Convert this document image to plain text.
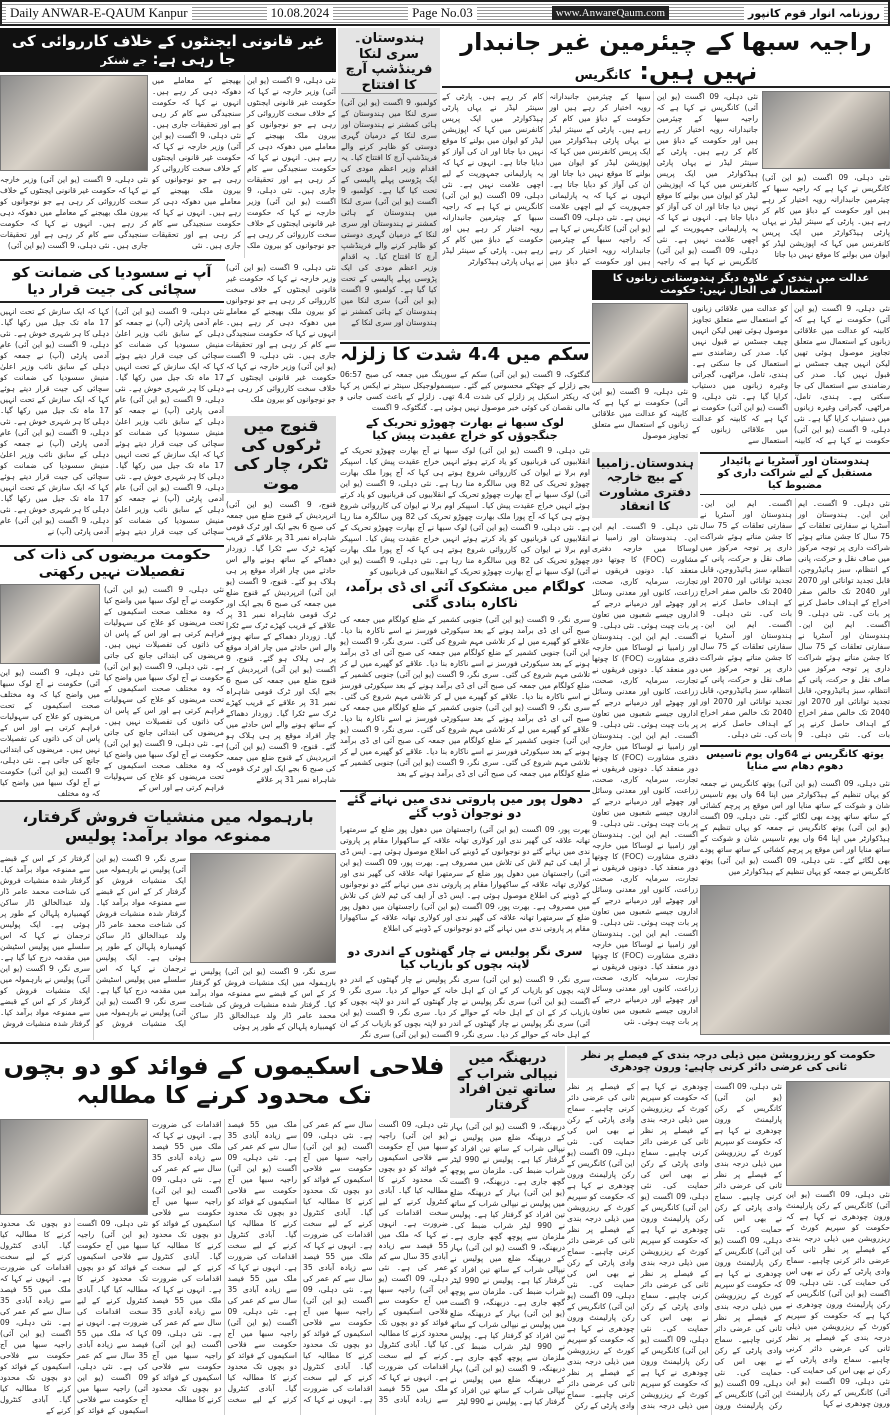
Daily ANWAR-E-QAUM Kanpur	10.08.2024	Page No.03	www.AnwareQaum.com	روزنامہ انوار قوم کانپور
راجیہ سبھا کے چیئرمین غیر جانبدار نہیں ہیں: کانگریس
نئی دہلی، 09 اگست (یو این آئی) کانگریس نے کہا ہے کہ راجیہ سبھا کے چیئرمین جانبدارانہ رویہ اختیار کر رہے ہیں اور حکومت کے دباؤ میں کام کر رہے ہیں۔ پارٹی کے سینئر لیڈر نے یہاں پارٹی ہیڈکوارٹر میں ایک پریس کانفرنس میں کہا کہ اپوزیشن لیڈر کو ایوان میں بولنے کا موقع نہیں دیا جاتا
نئی دہلی، 09 اگست (یو این آئی) کانگریس نے کہا ہے کہ راجیہ سبھا کے چیئرمین جانبدارانہ رویہ اختیار کر رہے ہیں اور حکومت کے دباؤ میں کام کر رہے ہیں۔ پارٹی کے سینئر لیڈر نے یہاں پارٹی ہیڈکوارٹر میں ایک پریس کانفرنس میں کہا کہ اپوزیشن لیڈر کو ایوان میں بولنے کا موقع نہیں دیا جاتا اور ان کی آواز کو دبایا جاتا ہے۔ انہوں نے کہا کہ یہ پارلیمانی جمہوریت کے لیے اچھی علامت نہیں ہے۔ نئی دہلی، 09 اگست (یو این آئی) کانگریس نے کہا ہے کہ راجیہ سبھا کے چیئرمین جانبدارانہ رویہ اختیار کر رہے ہیں اور حکومت کے دباؤ میں کام کر رہے ہیں۔ پارٹی کے سینئر لیڈر نے یہاں پارٹی ہیڈکوارٹر میں ایک پریس کانفرنس میں کہا کہ اپوزیشن لیڈر کو ایوان میں بولنے کا موقع نہیں دیا جاتا اور ان کی آواز کو دبایا جاتا ہے۔ انہوں نے کہا کہ یہ پارلیمانی جمہوریت کے لیے اچھی علامت نہیں ہے۔ نئی دہلی، 09 اگست (یو این آئی) کانگریس نے کہا ہے کہ راجیہ سبھا کے چیئرمین جانبدارانہ رویہ اختیار کر رہے ہیں اور حکومت کے دباؤ میں کام کر رہے ہیں۔ پارٹی کے سینئر لیڈر نے یہاں پارٹی ہیڈکوارٹر میں ایک پریس کانفرنس میں کہا کہ اپوزیشن لیڈر کو ایوان میں بولنے کا موقع نہیں دیا جاتا اور ان کی آواز کو دبایا جاتا ہے۔ انہوں نے کہا کہ یہ پارلیمانی جمہوریت کے لیے اچھی علامت نہیں ہے۔ نئی دہلی، 09 اگست (یو این آئی) کانگریس نے کہا ہے کہ راجیہ سبھا کے چیئرمین جانبدارانہ رویہ اختیار کر رہے ہیں اور حکومت کے دباؤ میں کام کر رہے ہیں۔ پارٹی کے سینئر لیڈر نے یہاں پارٹی ہیڈکوارٹر
ہندوستان۔سری لنکا فرینڈشپ آرچ کا افتتاح
کولمبو، 9 اگست (یو این آئی) سری لنکا میں ہندوستان کے ہائی کمشنر نے ہندوستان اور سری لنکا کے درمیان گہری دوستی کو ظاہر کرنے والے فرینڈشپ آرچ کا افتتاح کیا۔ یہ اقدام وزیر اعظم مودی کی ایک پڑوسی پہلے پالیسی کے تحت کیا گیا ہے۔ کولمبو، 9 اگست (یو این آئی) سری لنکا میں ہندوستان کے ہائی کمشنر نے ہندوستان اور سری لنکا کے درمیان گہری دوستی کو ظاہر کرنے والے فرینڈشپ آرچ کا افتتاح کیا۔ یہ اقدام وزیر اعظم مودی کی ایک پڑوسی پہلے پالیسی کے تحت کیا گیا ہے۔ کولمبو، 9 اگست (یو این آئی) سری لنکا میں ہندوستان کے ہائی کمشنر نے ہندوستان اور سری لنکا کے
غیر قانونی ایجنٹوں کے خلاف کارروائی کی جا رہی ہے: جے شنکر
نئی دہلی، 9 اگست (یو این آئی) وزیر خارجہ نے کہا کہ حکومت غیر قانونی ایجنٹوں کے خلاف سخت کارروائی کر رہی ہے جو نوجوانوں کو بیرون ملک بھیجنے کے معاملے میں دھوکہ دہی کر رہے ہیں۔ انہوں نے کہا کہ حکومت سنجیدگی سے کام کر رہی ہے اور تحقیقات جاری ہیں۔ نئی دہلی، 9 اگست (یو این آئی) وزیر خارجہ نے کہا کہ حکومت غیر قانونی ایجنٹوں کے خلاف سخت کارروائی کر رہی ہے جو نوجوانوں کو بیرون ملک بھیجنے کے معاملے میں دھوکہ دہی کر رہے ہیں۔ انہوں نے کہا کہ حکومت سنجیدگی سے کام کر رہی ہے اور تحقیقات جاری ہیں۔ نئی دہلی، 9 اگست (یو این آئی) وزیر خارجہ نے کہا کہ حکومت غیر قانونی ایجنٹوں کے خلاف سخت کارروائی کر رہی ہے جو نوجوانوں کو بیرون ملک بھیجنے کے معاملے میں دھوکہ دہی کر رہے ہیں۔ انہوں نے کہا کہ حکومت سنجیدگی سے کام کر رہی ہے اور تحقیقات جاری ہیں۔ نئی
نئی دہلی، 9 اگست (یو این آئی) وزیر خارجہ نے کہا کہ حکومت غیر قانونی ایجنٹوں کے خلاف سخت کارروائی کر رہی ہے جو نوجوانوں کو بیرون ملک بھیجنے کے معاملے میں دھوکہ دہی کر رہے ہیں۔ انہوں نے کہا کہ حکومت سنجیدگی سے کام کر رہی ہے اور تحقیقات جاری ہیں۔ نئی دہلی، 9 اگست (یو این آئی)
آپ نے سسودیا کی ضمانت کو سچائی کی جیت قرار دیا
نئی دہلی، 9 اگست (یو این آئی) عام آدمی پارٹی (آپ) نے جمعہ کو دہلی کے سابق نائب وزیر اعلیٰ منیش سسودیا کی ضمانت کو سچائی کی جیت قرار دیتے ہوئے کہا کہ ایک سازش کے تحت انہیں 17 ماہ تک جیل میں رکھا گیا۔ دہلی کا ہر شہری خوش ہے۔ نئی دہلی، 9 اگست (یو این آئی) عام آدمی پارٹی (آپ) نے جمعہ کو دہلی کے سابق نائب وزیر اعلیٰ منیش سسودیا کی ضمانت کو سچائی کی جیت قرار دیتے ہوئے کہا کہ ایک سازش کے تحت انہیں 17 ماہ تک جیل میں رکھا گیا۔ دہلی کا ہر شہری خوش ہے۔ نئی دہلی، 9 اگست (یو این آئی) عام آدمی پارٹی (آپ) نے جمعہ کو دہلی کے سابق نائب وزیر اعلیٰ منیش سسودیا کی ضمانت کو سچائی کی جیت قرار دیتے ہوئے کہا کہ ایک سازش کے تحت انہیں 17 ماہ تک جیل میں رکھا گیا۔ دہلی کا ہر شہری خوش ہے۔ نئی دہلی، 9 اگست (یو این آئی) عام آدمی پارٹی (آپ) نے جمعہ کو دہلی کے سابق نائب وزیر اعلیٰ منیش سسودیا کی ضمانت کو سچائی کی جیت قرار دیتے ہوئے کہا کہ ایک سازش کے تحت انہیں 17 ماہ تک جیل میں رکھا گیا۔ دہلی کا ہر شہری خوش ہے۔ نئی دہلی، 9 اگست (یو این آئی) عام آدمی پارٹی (آپ) نے جمعہ کو دہلی کے سابق نائب وزیر اعلیٰ منیش سسودیا کی ضمانت کو سچائی کی جیت قرار دیتے ہوئے کہا کہ ایک سازش کے تحت انہیں 17 ماہ تک جیل میں رکھا گیا۔ دہلی کا ہر شہری خوش ہے۔ نئی دہلی، 9 اگست (یو این آئی) عام آدمی پارٹی (آپ) نے
نئی دہلی، 9 اگست (یو این آئی) وزیر خارجہ نے کہا کہ حکومت غیر قانونی ایجنٹوں کے خلاف سخت کارروائی کر رہی ہے جو نوجوانوں کو بیرون ملک بھیجنے کے معاملے میں دھوکہ دہی کر رہے ہیں۔ انہوں نے کہا کہ حکومت سنجیدگی سے کام کر رہی ہے اور تحقیقات جاری ہیں۔ نئی دہلی، 9 اگست (یو این آئی) وزیر خارجہ نے کہا کہ حکومت غیر قانونی ایجنٹوں کے خلاف سخت کارروائی کر رہی ہے جو نوجوانوں کو بیرون ملک
قنوج میں ٹرکوں کی ٹکر، چار کی موت
قنوج، 9 اگست (یو این آئی) اترپردیش کے قنوج ضلع میں جمعہ کی صبح 6 بجے ایک اور ٹرک قومی شاہراہ نمبر 31 پر علاقے کے قریب کھڑے ٹرک سے ٹکرا گیا۔ زوردار دھماکے کے ساتھ ہونے والے اس حادثے میں چار افراد موقع پر ہی ہلاک ہو گئے۔ قنوج، 9 اگست (یو این آئی) اترپردیش کے قنوج ضلع میں جمعہ کی صبح 6 بجے ایک اور ٹرک قومی شاہراہ نمبر 31 پر علاقے کے قریب کھڑے ٹرک سے ٹکرا گیا۔ زوردار دھماکے کے ساتھ ہونے والے اس حادثے میں چار افراد موقع پر ہی ہلاک ہو گئے۔ قنوج، 9 اگست (یو این آئی) اترپردیش کے قنوج ضلع میں جمعہ کی صبح 6 بجے ایک اور ٹرک قومی شاہراہ نمبر 31 پر علاقے کے قریب کھڑے ٹرک سے ٹکرا گیا۔ زوردار دھماکے کے ساتھ ہونے والے اس حادثے میں چار افراد موقع پر ہی ہلاک ہو گئے۔ قنوج، 9 اگست (یو این آئی) اترپردیش کے قنوج ضلع میں جمعہ کی صبح 6 بجے ایک اور ٹرک قومی شاہراہ نمبر 31 پر علاقے
عدالت میں ہندی کے علاوہ دیگر ہندوستانی زبانوں کا استعمال فی الحال نہیں: حکومت
نئی دہلی، 9 اگست (یو این آئی) حکومت نے کہا ہے کہ کابینہ کو عدالت میں علاقائی زبانوں کے استعمال سے متعلق تجاویز موصول ہوئی تھیں لیکن انہیں چیف جسٹس نے قبول نہیں کیا۔ صدر کی رضامندی سے استعمال کی جا سکتی ہے۔ ہندی، تامل، مراٹھی، گجراتی وغیرہ زبانوں میں دستیاب کرایا گیا ہے۔ نئی دہلی، 9 اگست (یو این آئی) حکومت نے کہا ہے کہ کابینہ کو عدالت میں علاقائی زبانوں کے استعمال سے متعلق تجاویز موصول ہوئی تھیں لیکن انہیں چیف جسٹس نے قبول نہیں کیا۔ صدر کی رضامندی سے استعمال کی جا سکتی ہے۔ ہندی، تامل، مراٹھی، گجراتی وغیرہ زبانوں میں دستیاب کرایا گیا ہے۔ نئی دہلی، 9 اگست (یو این آئی) حکومت نے کہا ہے کہ کابینہ کو عدالت میں علاقائی زبانوں کے استعمال سے
نئی دہلی، 9 اگست (یو این آئی) حکومت نے کہا ہے کہ کابینہ کو عدالت میں علاقائی زبانوں کے استعمال سے متعلق تجاویز موصول
سکم میں 4.4 شدت کا زلزلہ
گنگٹوک، 9 اگست (یو این آئی) سکم کے سورینگ میں جمعہ کی صبح 06:57 بجے زلزلے کے جھٹکے محسوس کیے گئے۔ سیسمولوجیکل سینٹر نے ایکس پر کہا کہ ریکٹر اسکیل پر زلزلے کی شدت 4.4 تھی۔ زلزلے کے باعث کسی جانی و مالی نقصان کی کوئی خبر موصول نہیں ہوئی ہے۔ گنگٹوک، 9 اگست
لوک سبھا نے بھارت چھوڑو تحریک کے جنگجوؤں کو خراج عقیدت پیش کیا
نئی دہلی، 9 اگست (یو این آئی) لوک سبھا نے آج بھارت چھوڑو تحریک کے انقلابیوں کی قربانیوں کو یاد کرتے ہوئے انہیں خراج عقیدت پیش کیا۔ اسپیکر اوم برلا نے ایوان کی کارروائی شروع ہوتے ہی کہا کہ آج پورا ملک بھارت چھوڑو تحریک کی 82 ویں سالگرہ منا رہا ہے۔ نئی دہلی، 9 اگست (یو این آئی) لوک سبھا نے آج بھارت چھوڑو تحریک کے انقلابیوں کی قربانیوں کو یاد کرتے ہوئے انہیں خراج عقیدت پیش کیا۔ اسپیکر اوم برلا نے ایوان کی کارروائی شروع ہوتے ہی کہا کہ آج پورا ملک بھارت چھوڑو تحریک کی 82 ویں سالگرہ منا رہا ہے۔ نئی دہلی، 9 اگست (یو این آئی) لوک سبھا نے آج بھارت چھوڑو تحریک کے انقلابیوں کی قربانیوں کو یاد کرتے ہوئے انہیں خراج عقیدت پیش کیا۔ اسپیکر اوم برلا نے ایوان کی کارروائی شروع ہوتے ہی کہا کہ آج پورا ملک بھارت چھوڑو تحریک کی 82 ویں سالگرہ منا رہا ہے۔ نئی دہلی، 9 اگست (یو این آئی) لوک سبھا نے آج بھارت چھوڑو تحریک کے انقلابیوں کی قربانیوں کو
کولگام میں مشکوک آئی ای ڈی برآمد، ناکارہ بنادی گئی
سری نگر، 9 اگست (یو این آئی) جنوبی کشمیر کے ضلع کولگام میں جمعہ کی صبح آئی ای ڈی برآمد ہونے کے بعد سیکورٹی فورسز نے اسے ناکارہ بنا دیا۔ علاقے کو گھیرے میں لے کر تلاشی مہم شروع کی گئی۔ سری نگر، 9 اگست (یو این آئی) جنوبی کشمیر کے ضلع کولگام میں جمعہ کی صبح آئی ای ڈی برآمد ہونے کے بعد سیکورٹی فورسز نے اسے ناکارہ بنا دیا۔ علاقے کو گھیرے میں لے کر تلاشی مہم شروع کی گئی۔ سری نگر، 9 اگست (یو این آئی) جنوبی کشمیر کے ضلع کولگام میں جمعہ کی صبح آئی ای ڈی برآمد ہونے کے بعد سیکورٹی فورسز نے اسے ناکارہ بنا دیا۔ علاقے کو گھیرے میں لے کر تلاشی مہم شروع کی گئی۔ سری نگر، 9 اگست (یو این آئی) جنوبی کشمیر کے ضلع کولگام میں جمعہ کی صبح آئی ای ڈی برآمد ہونے کے بعد سیکورٹی فورسز نے اسے ناکارہ بنا دیا۔ علاقے کو گھیرے میں لے کر تلاشی مہم شروع کی گئی۔ سری نگر، 9 اگست (یو این آئی) جنوبی کشمیر کے ضلع کولگام میں جمعہ کی صبح آئی ای ڈی برآمد ہونے کے بعد سیکورٹی فورسز نے اسے ناکارہ بنا دیا۔ علاقے کو گھیرے میں لے کر تلاشی مہم شروع کی گئی۔ سری نگر، 9 اگست (یو این آئی) جنوبی کشمیر کے ضلع کولگام میں جمعہ کی صبح آئی ای ڈی برآمد ہونے کے بعد
ہندوستان۔زامبیا کے بیچ خارجہ دفتری مشاورت کا انعقاد
نئی دہلی۔ 9 اگست۔ ایم این این۔ ہندوستان اور زامبیا نے لوساکا میں خارجہ دفتری مشاورت (FOC) کا چوتھا دور منعقد کیا۔ دونوں فریقوں نے تجارت، سرمایہ کاری، صحت، زراعت، کانوں اور معدنی وسائل اور چھوٹے اور درمیانے درجے کے اداروں جیسے شعبوں میں تعاون پر بات چیت ہوئی۔ نئی دہلی۔ 9 اگست۔ ایم این این۔ ہندوستان اور زامبیا نے لوساکا میں خارجہ دفتری مشاورت (FOC) کا چوتھا دور منعقد کیا۔ دونوں فریقوں نے تجارت، سرمایہ کاری، صحت، زراعت، کانوں اور معدنی وسائل اور چھوٹے اور درمیانے درجے کے اداروں جیسے شعبوں میں تعاون پر بات چیت ہوئی۔ نئی دہلی۔ 9 اگست۔ ایم این این۔ ہندوستان اور زامبیا نے لوساکا میں خارجہ دفتری مشاورت (FOC) کا چوتھا دور منعقد کیا۔ دونوں فریقوں نے تجارت، سرمایہ کاری، صحت، زراعت، کانوں اور معدنی وسائل اور چھوٹے اور درمیانے درجے کے اداروں جیسے شعبوں میں تعاون پر بات چیت ہوئی۔ نئی دہلی۔ 9 اگست۔ ایم این این۔ ہندوستان اور زامبیا نے لوساکا میں خارجہ دفتری مشاورت (FOC) کا چوتھا دور منعقد کیا۔ دونوں فریقوں نے تجارت، سرمایہ کاری، صحت، زراعت، کانوں اور معدنی وسائل اور چھوٹے اور درمیانے درجے کے اداروں جیسے شعبوں میں تعاون پر بات چیت ہوئی۔ نئی دہلی۔ 9 اگست۔ ایم این این۔ ہندوستان اور زامبیا نے لوساکا میں خارجہ دفتری مشاورت (FOC) کا چوتھا دور منعقد کیا۔ دونوں فریقوں نے تجارت، سرمایہ کاری، صحت، زراعت، کانوں اور معدنی وسائل اور چھوٹے اور درمیانے درجے کے اداروں جیسے شعبوں میں تعاون پر بات چیت ہوئی۔ نئی
ہندوستان اور آسٹریا نے پائیدار مستقبل کے لیے شراکت داری کو مضبوط کیا
نئی دہلی۔ 9 اگست۔ ایم این این۔ ہندوستان اور آسٹریا نے سفارتی تعلقات کے 75 سال کا جشن مناتے ہوئے شراکت داری پر توجہ مرکوز میں صاف نقل و حرکت، پانی کے انتظام، سبز ہائیڈروجن، قابل تجدید توانائی اور 2070 اور 2040 تک خالص صفر اخراج کے اہداف حاصل کرنے پر بات کی۔ نئی دہلی۔ 9 اگست۔ ایم این این۔ ہندوستان اور آسٹریا نے سفارتی تعلقات کے 75 سال کا جشن مناتے ہوئے شراکت داری پر توجہ مرکوز میں صاف نقل و حرکت، پانی کے انتظام، سبز ہائیڈروجن، قابل تجدید توانائی اور 2070 اور 2040 تک خالص صفر اخراج کے اہداف حاصل کرنے پر بات کی۔ نئی دہلی۔ 9 اگست۔ ایم این این۔ ہندوستان اور آسٹریا نے سفارتی تعلقات کے 75 سال کا جشن مناتے ہوئے شراکت داری پر توجہ مرکوز میں صاف نقل و حرکت، پانی کے انتظام، سبز ہائیڈروجن، قابل تجدید توانائی اور 2070 اور 2040 تک خالص صفر اخراج کے اہداف حاصل کرنے پر بات کی۔ نئی دہلی۔ 9 اگست۔ ایم این این۔ ہندوستان اور آسٹریا نے سفارتی تعلقات کے 75 سال کا جشن مناتے ہوئے شراکت داری پر توجہ مرکوز میں صاف نقل و حرکت، پانی کے انتظام، سبز ہائیڈروجن، قابل تجدید توانائی اور 2070 اور 2040 تک خالص صفر اخراج کے اہداف حاصل کرنے پر بات کی۔ نئی دہلی۔
یوتھ کانگریس نے 64واں یوم تاسیس دھوم دھام سے منایا
نئی دہلی، 09 اگست (یو این آئی) یوتھ کانگریس نے جمعہ کو یہاں تنظیم کے ہیڈکوارٹر میں اپنا 64 واں یوم تاسیس شان و شوکت کے ساتھ منایا اور اس موقع پر پرچم کشائی کے ساتھ ساتھ پودے بھی لگائے گئے۔ نئی دہلی، 09 اگست (یو این آئی) یوتھ کانگریس نے جمعہ کو یہاں تنظیم کے ہیڈکوارٹر میں اپنا 64 واں یوم تاسیس شان و شوکت کے ساتھ منایا اور اس موقع پر پرچم کشائی کے ساتھ ساتھ پودے بھی لگائے گئے۔ نئی دہلی، 09 اگست (یو این آئی) یوتھ کانگریس نے جمعہ کو یہاں تنظیم کے ہیڈکوارٹر میں
حکومت مریضوں کی ذات کی تفصیلات نہیں رکھتی
نئی دہلی، 9 اگست (یو این آئی) حکومت نے آج لوک سبھا میں واضح کیا کہ وہ مختلف صحت اسکیموں کے تحت مریضوں کو علاج کی سہولیات فراہم کرتی ہے اور اس کے پاس ان کی ذاتوں کی تفصیلات نہیں ہیں۔ مریضوں کی ابتدائی جانچ کی جاتی ہے۔ نئی دہلی، 9 اگست (یو این آئی) حکومت نے آج لوک سبھا میں واضح کیا کہ وہ مختلف صحت اسکیموں کے تحت مریضوں کو علاج کی سہولیات فراہم کرتی ہے اور اس کے پاس ان کی ذاتوں کی تفصیلات نہیں ہیں۔ مریضوں کی ابتدائی جانچ کی جاتی ہے۔ نئی دہلی، 9 اگست (یو این آئی) حکومت نے آج لوک سبھا میں واضح کیا کہ وہ مختلف صحت اسکیموں کے تحت مریضوں کو علاج کی سہولیات فراہم کرتی ہے اور اس کے
نئی دہلی، 9 اگست (یو این آئی) حکومت نے آج لوک سبھا میں واضح کیا کہ وہ مختلف صحت اسکیموں کے تحت مریضوں کو علاج کی سہولیات فراہم کرتی ہے اور اس کے پاس ان کی ذاتوں کی تفصیلات نہیں ہیں۔ مریضوں کی ابتدائی جانچ کی جاتی ہے۔ نئی دہلی، 9 اگست (یو این آئی) حکومت نے آج لوک سبھا میں واضح کیا کہ وہ مختلف
بارہمولہ میں منشیات فروش گرفتار، ممنوعہ مواد برآمد: پولیس
سری نگر، 9 اگست (یو این آئی) پولیس نے بارہمولہ میں ایک منشیات فروش کو گرفتار کر کے اس کے قبضے سے ممنوعہ مواد برآمد کیا۔ گرفتار شدہ منشیات فروش کی شناخت محمد عامر ڈار ولد عبدالخالق ڈار ساکن کھمبیارہ پلہالن کے طور پر ہوئی
سری نگر، 9 اگست (یو این آئی) پولیس نے بارہمولہ میں ایک منشیات فروش کو گرفتار کر کے اس کے قبضے سے ممنوعہ مواد برآمد کیا۔ گرفتار شدہ منشیات فروش کی شناخت محمد عامر ڈار ولد عبدالخالق ڈار ساکن کھمبیارہ پلہالن کے طور پر ہوئی ہے۔ ایک پولیس ترجمان نے کہا کہ اس سلسلے میں پولیس اسٹیشن میں مقدمہ درج کیا گیا ہے۔ سری نگر، 9 اگست (یو این آئی) پولیس نے بارہمولہ میں ایک منشیات فروش کو گرفتار کر کے اس کے قبضے سے ممنوعہ مواد برآمد کیا۔ گرفتار شدہ منشیات فروش کی شناخت محمد عامر ڈار ولد عبدالخالق ڈار ساکن کھمبیارہ پلہالن کے طور پر ہوئی ہے۔ ایک پولیس ترجمان نے کہا کہ اس سلسلے میں پولیس اسٹیشن میں مقدمہ درج کیا گیا ہے۔ سری نگر، 9 اگست (یو این آئی) پولیس نے بارہمولہ میں ایک منشیات فروش کو گرفتار کر کے اس کے قبضے سے ممنوعہ مواد برآمد کیا۔ گرفتار شدہ منشیات فروش
دھول پور میں پاروتی ندی میں نہانے گئے دو نوجوان ڈوب گئے
بھرت پور، 09 اگست (یو این آئی) راجستھان میں دھول پور ضلع کے سرمتھرا تھانہ علاقہ کی گھیر ندی اور کولاری تھانہ علاقہ کے ساکھوارا مقام پر پاروتی ندی میں نہانے گئے دو نوجوانوں کے ڈوبنے کی اطلاع موصول ہوئی ہے۔ ایس ڈی آر ایف کی ٹیم لاش کی تلاش میں مصروف ہے۔ بھرت پور، 09 اگست (یو این آئی) راجستھان میں دھول پور ضلع کے سرمتھرا تھانہ علاقہ کی گھیر ندی اور کولاری تھانہ علاقہ کے ساکھوارا مقام پر پاروتی ندی میں نہانے گئے دو نوجوانوں کے ڈوبنے کی اطلاع موصول ہوئی ہے۔ ایس ڈی آر ایف کی ٹیم لاش کی تلاش میں مصروف ہے۔ بھرت پور، 09 اگست (یو این آئی) راجستھان میں دھول پور ضلع کے سرمتھرا تھانہ علاقہ کی گھیر ندی اور کولاری تھانہ علاقہ کے ساکھوارا مقام پر پاروتی ندی میں نہانے گئے دو نوجوانوں کے ڈوبنے کی اطلاع
سری نگر پولیس نے چار گھنٹوں کے اندری دو لاپتہ بچوں کو بازیاب کیا
سری نگر، 9 اگست (یو این آئی) سری نگر پولیس نے چار گھنٹوں کے اندر دو لاپتہ بچوں کو بازیاب کر کے ان کے اہل خانہ کے حوالے کر دیا۔ سری نگر، 9 اگست (یو این آئی) سری نگر پولیس نے چار گھنٹوں کے اندر دو لاپتہ بچوں کو بازیاب کر کے ان کے اہل خانہ کے حوالے کر دیا۔ سری نگر، 9 اگست (یو این آئی) سری نگر پولیس نے چار گھنٹوں کے اندر دو لاپتہ بچوں کو بازیاب کر کے ان کے اہل خانہ کے حوالے کر دیا۔ سری نگر، 9 اگست (یو این آئی) سری نگر
فلاحی اسکیموں کے فوائد کو دو بچوں تک محدود کرنے کا مطالبہ
نئی دہلی، 09 اگست (یو این آئی) راجیہ سبھا میں آج حکومت سے فلاحی اسکیموں کے فوائد کو دو بچوں تک محدود کرنے کا مطالبہ کیا گیا۔ آبادی کنٹرول کرنے کے لیے سخت اقدامات کی ضرورت ہے۔ انہوں نے کہا کہ ملک میں 55 فیصد سے زیادہ آبادی 35 سال سے کم عمر کی ہے۔ نئی دہلی، 09 اگست (یو این آئی) راجیہ سبھا میں آج حکومت سے فلاحی اسکیموں کے فوائد کو دو بچوں تک محدود کرنے کا مطالبہ کیا گیا۔ آبادی کنٹرول کرنے کے لیے سخت اقدامات کی ضرورت ہے۔ انہوں نے کہا کہ ملک میں 55 فیصد سے زیادہ آبادی 35 سال سے کم عمر کی ہے۔ نئی دہلی، 09 اگست (یو این آئی) راجیہ سبھا میں آج حکومت سے فلاحی اسکیموں کے فوائد کو دو بچوں تک محدود کرنے کا مطالبہ کیا گیا۔ آبادی کنٹرول کرنے کے لیے سخت اقدامات کی ضرورت ہے۔ انہوں نے کہا کہ ملک میں 55 فیصد سے زیادہ آبادی 35 سال سے کم عمر کی ہے۔ نئی دہلی، 09 اگست (یو این آئی) راجیہ سبھا میں آج حکومت سے فلاحی اسکیموں کے فوائد کو دو بچوں تک محدود کرنے کا مطالبہ کیا گیا۔ آبادی کنٹرول کرنے کے لیے سخت اقدامات کی ضرورت ہے۔ انہوں نے کہا کہ ملک میں 55 فیصد سے زیادہ آبادی 35 سال سے کم عمر کی ہے۔ نئی دہلی، 09 اگست (یو این آئی) راجیہ سبھا میں آج حکومت سے فلاحی اسکیموں کے فوائد کو دو بچوں تک محدود کرنے کا مطالبہ کیا گیا۔ آبادی کنٹرول کرنے کے لیے سخت اقدامات کی ضرورت ہے۔ انہوں نے کہا کہ ملک میں 55 فیصد سے زیادہ آبادی 35 سال سے کم عمر کی ہے۔ نئی دہلی، 09 اگست (یو این آئی) راجیہ سبھا میں آج حکومت سے فلاحی اسکیموں کے فوائد کو دو بچوں تک محدود کرنے کا مطالبہ کیا گیا۔ آبادی کنٹرول کرنے کے لیے سخت اقدامات کی ضرورت ہے۔ انہوں نے کہا کہ ملک میں 55 فیصد سے زیادہ آبادی 35 سال سے کم عمر کی ہے۔ نئی دہلی، 09 اگست (یو این آئی) راجیہ سبھا میں آج حکومت سے فلاحی اسکیموں کے فوائد کو دو بچوں تک محدود کرنے کا مطالبہ کیا گیا۔ آبادی کنٹرول کرنے کے لیے سخت اقدامات کی ضرورت ہے۔ انہوں نے کہا کہ ملک میں 55 فیصد سے زیادہ آبادی 35 سال سے کم عمر کی ہے۔ نئی دہلی، 09 اگست (یو این آئی) راجیہ سبھا میں آج حکومت سے فلاحی اسکیموں کے فوائد کو دو بچوں تک محدود کرنے کا مطالبہ
نئی دہلی، 09 اگست (یو این آئی) راجیہ سبھا میں آج حکومت سے فلاحی اسکیموں کے فوائد کو دو بچوں تک محدود کرنے کا مطالبہ کیا گیا۔ آبادی کنٹرول کرنے کے لیے سخت اقدامات کی ضرورت ہے۔ انہوں نے کہا کہ ملک میں 55 فیصد سے زیادہ آبادی 35 سال سے کم عمر کی ہے۔ نئی دہلی، 09 اگست (یو این آئی) راجیہ سبھا میں آج حکومت سے فلاحی اسکیموں کے فوائد کو دو بچوں تک محدود کرنے کا مطالبہ کیا گیا۔ آبادی کنٹرول کرنے کے لیے سخت اقدامات کی ضرورت ہے۔ انہوں نے کہا کہ ملک میں 55 فیصد سے زیادہ آبادی 35 سال سے کم عمر کی ہے۔ نئی دہلی، 09 اگست (یو این آئی) راجیہ سبھا میں آج حکومت سے فلاحی اسکیموں کے فوائد کو دو بچوں تک محدود کرنے کا مطالبہ کیا گیا۔ آبادی کنٹرول کرنے کے
دربھنگہ میں نیپالی شراب کے ساتھ تین افراد گرفتار
دربھنگہ، 9 اگست (یو این آئی) بہار کے دربھنگہ ضلع میں پولیس نے نیپالی شراب کے ساتھ تین افراد کو گرفتار کیا ہے۔ پولیس نے 990 لیٹر شراب ضبط کی۔ ملزمان سے پوچھ گچھ جاری ہے۔ دربھنگہ، 9 اگست (یو این آئی) بہار کے دربھنگہ ضلع میں پولیس نے نیپالی شراب کے ساتھ تین افراد کو گرفتار کیا ہے۔ پولیس نے 990 لیٹر شراب ضبط کی۔ ملزمان سے پوچھ گچھ جاری ہے۔ دربھنگہ، 9 اگست (یو این آئی) بہار کے دربھنگہ ضلع میں پولیس نے نیپالی شراب کے ساتھ تین افراد کو گرفتار کیا ہے۔ پولیس نے 990 لیٹر شراب ضبط کی۔ ملزمان سے پوچھ گچھ جاری ہے۔ دربھنگہ، 9 اگست (یو این آئی) بہار کے دربھنگہ ضلع میں پولیس نے نیپالی شراب کے ساتھ تین افراد کو گرفتار کیا ہے۔ پولیس نے 990 لیٹر شراب ضبط کی۔ ملزمان سے پوچھ گچھ جاری ہے۔ دربھنگہ، 9 اگست (یو این آئی) بہار کے دربھنگہ ضلع میں پولیس نے نیپالی شراب کے ساتھ تین افراد کو گرفتار کیا ہے۔ پولیس نے 990 لیٹر
حکومت کو ریزرویشن میں ذیلی درجہ بندی کے فیصلے پر نظر ثانی کی عرضی دائر کرنی چاہیے: ورون چودھری
نئی دہلی، 09 اگست (یو این آئی) کانگریس کے رکن پارلیمنٹ ورون چودھری نے کہا ہے کہ حکومت کو سپریم کورٹ کے ریزرویشن میں ذیلی درجہ بندی کے فیصلے پر نظر ثانی کی عرضی دائر کرنی چاہیے۔ سماج وادی پارٹی کے رکن نے بھی اس کی حمایت کی۔ نئی دہلی، 09 اگست (یو این آئی) کانگریس کے رکن پارلیمنٹ ورون چودھری نے کہا ہے کہ حکومت کو سپریم کورٹ کے ریزرویشن میں ذیلی درجہ بندی کے فیصلے پر نظر ثانی کی عرضی دائر کرنی چاہیے۔ سماج وادی پارٹی کے رکن نے بھی اس کی حمایت کی۔ نئی دہلی، 09 اگست (یو این آئی) کانگریس کے رکن پارلیمنٹ ورون چودھری نے کہا
نئی دہلی، 09 اگست (یو این آئی) کانگریس کے رکن پارلیمنٹ ورون چودھری نے کہا ہے کہ حکومت کو سپریم کورٹ کے ریزرویشن میں ذیلی درجہ بندی کے فیصلے پر نظر ثانی کی عرضی دائر کرنی چاہیے۔ سماج وادی پارٹی کے رکن نے بھی اس کی حمایت کی۔ نئی دہلی، 09 اگست (یو این آئی) کانگریس کے رکن پارلیمنٹ ورون چودھری نے کہا ہے کہ حکومت کو سپریم کورٹ کے ریزرویشن میں ذیلی درجہ بندی کے فیصلے پر نظر ثانی کی عرضی دائر کرنی چاہیے۔ سماج وادی پارٹی کے رکن نے بھی اس کی حمایت کی۔ نئی دہلی، 09 اگست (یو این آئی) کانگریس کے رکن پارلیمنٹ ورون چودھری نے کہا ہے کہ حکومت کو سپریم کورٹ کے ریزرویشن میں ذیلی درجہ بندی کے فیصلے پر نظر ثانی کی عرضی دائر کرنی چاہیے۔ سماج وادی پارٹی کے رکن نے بھی اس کی حمایت کی۔ نئی دہلی، 09 اگست (یو این آئی) کانگریس کے رکن پارلیمنٹ ورون چودھری نے کہا ہے کہ حکومت کو سپریم کورٹ کے ریزرویشن میں ذیلی درجہ بندی کے فیصلے پر نظر ثانی کی عرضی دائر کرنی چاہیے۔ سماج وادی پارٹی کے رکن نے بھی اس کی حمایت کی۔ نئی دہلی، 09 اگست (یو این آئی) کانگریس کے رکن پارلیمنٹ ورون چودھری نے کہا ہے کہ حکومت کو سپریم کورٹ کے ریزرویشن میں ذیلی درجہ بندی کے فیصلے پر نظر ثانی کی عرضی دائر کرنی چاہیے۔ سماج وادی پارٹی کے رکن نے بھی اس کی حمایت کی۔ نئی دہلی، 09 اگست (یو این آئی) کانگریس کے رکن پارلیمنٹ ورون چودھری نے کہا ہے کہ حکومت کو سپریم کورٹ کے ریزرویشن میں ذیلی درجہ بندی کے فیصلے پر نظر ثانی کی عرضی دائر کرنی چاہیے۔ سماج وادی پارٹی کے رکن نے بھی اس کی حمایت کی۔ نئی دہلی، 09 اگست (یو این آئی) کانگریس کے رکن پارلیمنٹ ورون چودھری نے کہا ہے کہ حکومت کو سپریم کورٹ کے ریزرویشن میں ذیلی درجہ بندی کے فیصلے پر نظر ثانی کی عرضی دائر کرنی چاہیے۔ سماج وادی پارٹی کے رکن
